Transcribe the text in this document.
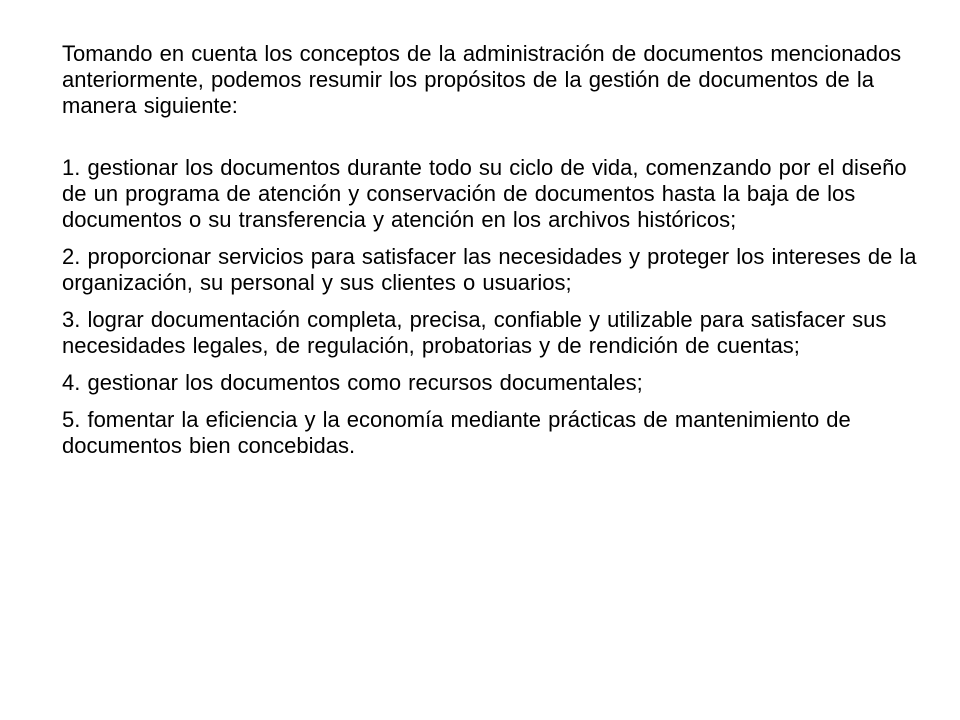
Tomando en cuenta los conceptos de la administración de documentos mencionados anteriormente, podemos resumir los propósitos de la gestión de documentos de la manera siguiente:

1. gestionar los documentos durante todo su ciclo de vida, comenzando por el diseño de un programa de atención y conservación de documentos hasta la baja de los documentos o su transferencia y atención en los archivos históricos;

2. proporcionar servicios para satisfacer las necesidades y proteger los intereses de la organización, su personal y sus clientes o usuarios;

3. lograr documentación completa, precisa, confiable y utilizable para satisfacer sus necesidades legales, de regulación, probatorias y de rendición de cuentas;

4. gestionar los documentos como recursos documentales;

5. fomentar la eficiencia y la economía mediante prácticas de mantenimiento de documentos bien concebidas.
